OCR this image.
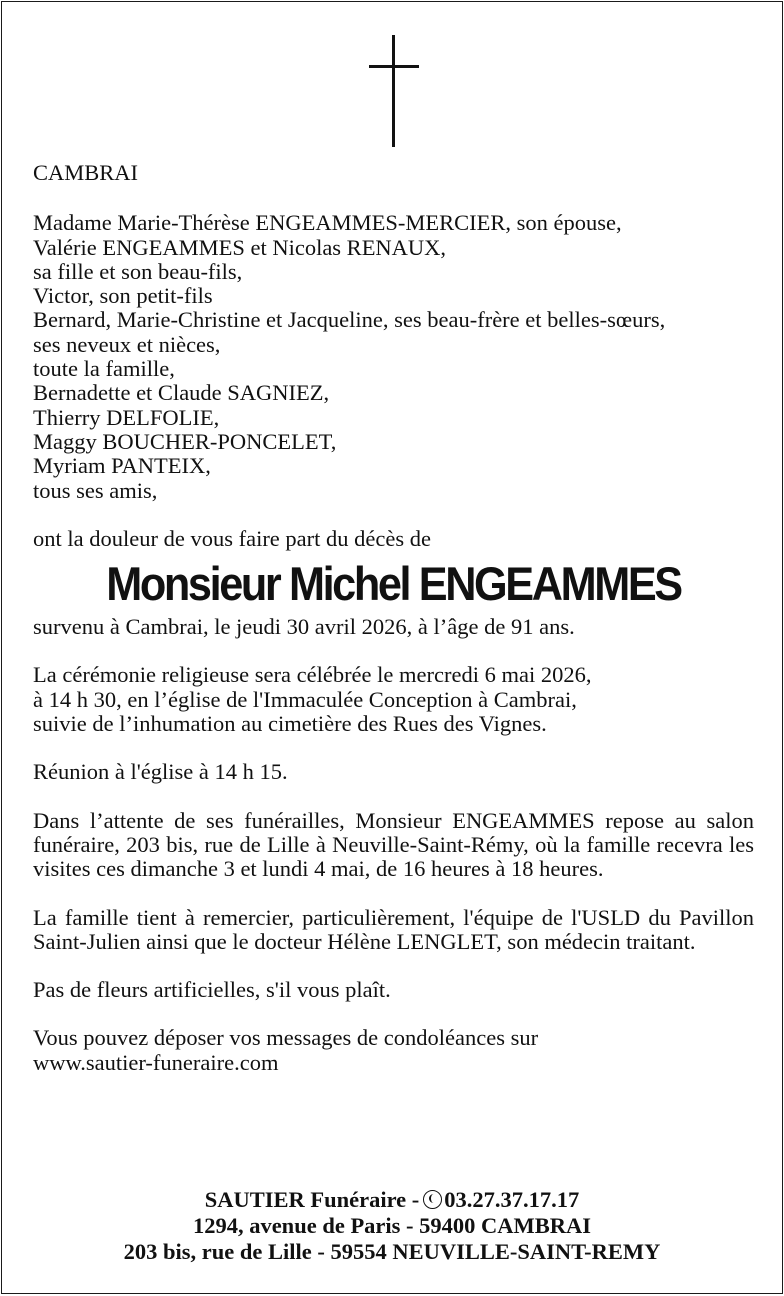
CAMBRAI
Madame Marie-Thérèse ENGEAMMES-MERCIER, son épouse,
Valérie ENGEAMMES et Nicolas RENAUX,
sa fille et son beau-fils,
Victor, son petit-fils
Bernard, Marie-Christine et Jacqueline, ses beau-frère et belles-sœurs,
ses neveux et nièces,
toute la famille,
Bernadette et Claude SAGNIEZ,
Thierry DELFOLIE,
Maggy BOUCHER-PONCELET,
Myriam PANTEIX,
tous ses amis,
ont la douleur de vous faire part du décès de
Monsieur Michel ENGEAMMES
survenu à Cambrai, le jeudi 30 avril 2026, à l’âge de 91 ans.
La cérémonie religieuse sera célébrée le mercredi 6 mai 2026,
à 14 h 30, en l’église de l'Immaculée Conception à Cambrai,
suivie de l’inhumation au cimetière des Rues des Vignes.
Réunion à l'église à 14 h 15.

Dans l’attente de ses funérailles, Monsieur ENGEAMMES repose au salon funéraire, 203 bis, rue de Lille à Neuville-Saint-Rémy, où la famille recevra les visites ces dimanche 3 et lundi 4 mai, de 16 heures à 18 heures.

La famille tient à remercier, particulièrement, l'équipe de l'USLD du Pavillon Saint-Julien ainsi que le docteur Hélène LENGLET, son médecin traitant.

Pas de fleurs artificielles, s'il vous plaît.
Vous pouvez déposer vos messages de condoléances sur
www.sautier-funeraire.com
SAUTIER Funéraire - 03.27.37.17.17
1294, avenue de Paris - 59400 CAMBRAI
203 bis, rue de Lille - 59554 NEUVILLE-SAINT-REMY
